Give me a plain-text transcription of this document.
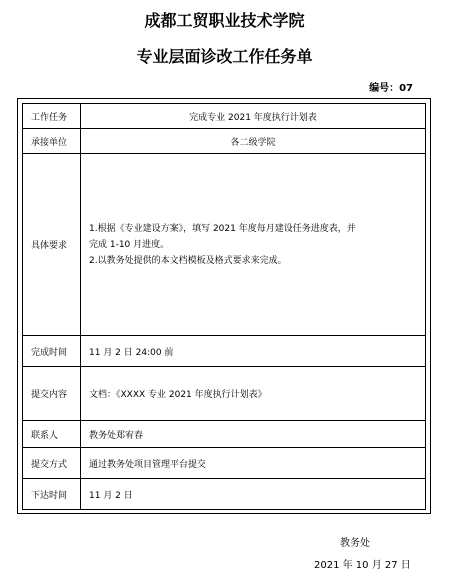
成都工贸职业技术学院
专业层面诊改工作任务单
编号：07
工作任务	完成专业 2021 年度执行计划表
承接单位	各二级学院
具体要求	1.根据《专业建设方案》，填写 2021 年度每月建设任务进度表，并

完成 1-10 月进度。

2.以教务处提供的本文档模板及格式要求来完成。

完成时间	11 月 2 日 24:00 前
提交内容	文档：《XXXX 专业 2021 年度执行计划表》
联系人	教务处郑宥春
提交方式	通过教务处项目管理平台提交
下达时间	11 月 2 日
教务处
2021 年 10 月 27 日
